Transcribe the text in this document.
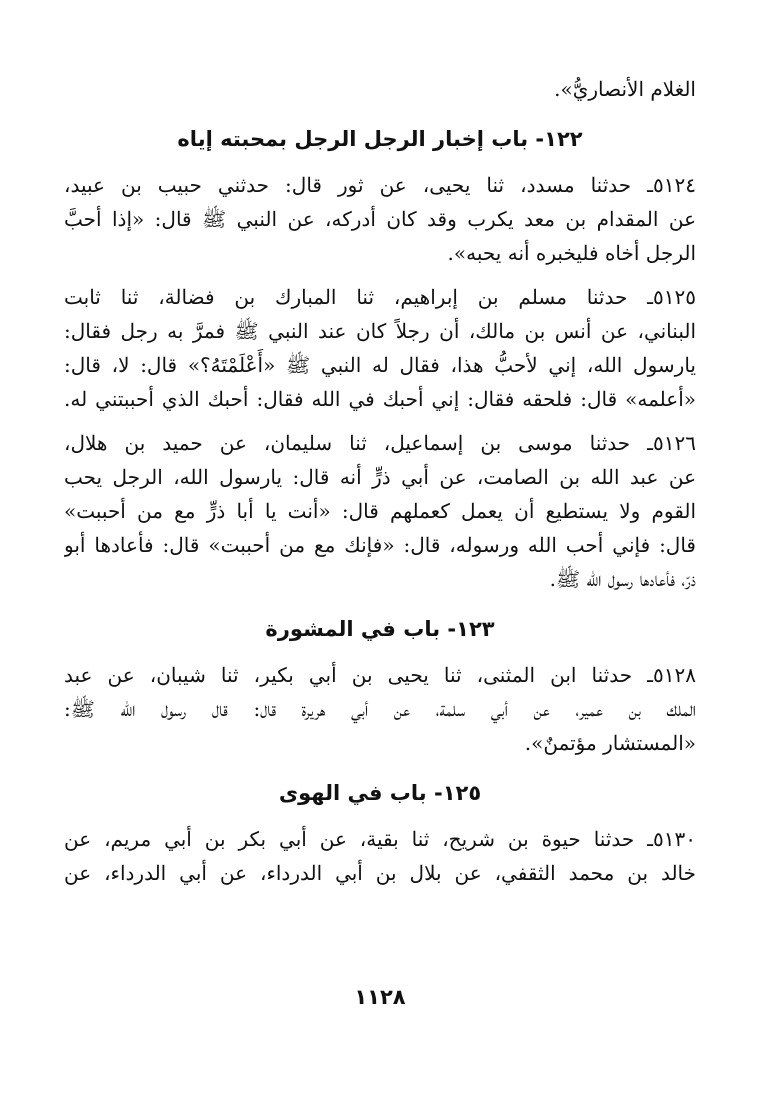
الغلام الأنصاريُّ».
١٢٢- باب إخبار الرجل الرجل بمحبته إياه
٥١٢٤ـ حدثنا مسدد، ثنا يحيى، عن ثور قال: حدثني حبيب بن عبيد،
عن المقدام بن معد يكرب وقد كان أدركه، عن النبي ﷺ قال: «إذا أحبَّ
الرجل أخاه فليخبره أنه يحبه».
٥١٢٥ـ حدثنا مسلم بن إبراهيم، ثنا المبارك بن فضالة، ثنا ثابت
البناني، عن أنس بن مالك، أن رجلاً كان عند النبي ﷺ فمرَّ به رجل فقال:
يارسول الله، إني لأحبُّ هذا، فقال له النبي ﷺ «أَعْلَمْتَهُ؟» قال: لا، قال:
«أعلمه» قال: فلحقه فقال: إني أحبك في الله فقال: أحبك الذي أحببتني له.
٥١٢٦ـ حدثنا موسى بن إسماعيل، ثنا سليمان، عن حميد بن هلال،
عن عبد الله بن الصامت، عن أبي ذرٍّ أنه قال: يارسول الله، الرجل يحب
القوم ولا يستطيع أن يعمل كعملهم قال: «أنت يا أبا ذرٍّ مع من أحببت»
قال: فإني أحب الله ورسوله، قال: «فإنك مع من أحببت» قال: فأعادها أبو
ذرّ، فأعادها رسول الله ﷺ.
١٢٣- باب في المشورة
٥١٢٨ـ حدثنا ابن المثنى، ثنا يحيى بن أبي بكير، ثنا شيبان، عن عبد
الملك بن عمير، عن أبي سلمة، عن أبي هريرة قال: قال رسول الله ﷺ:
«المستشار مؤتمنٌ».
١٢٥- باب في الهوى
٥١٣٠ـ حدثنا حيوة بن شريح، ثنا بقية، عن أبي بكر بن أبي مريم، عن
خالد بن محمد الثقفي، عن بلال بن أبي الدرداء، عن أبي الدرداء، عن
١١٢٨
